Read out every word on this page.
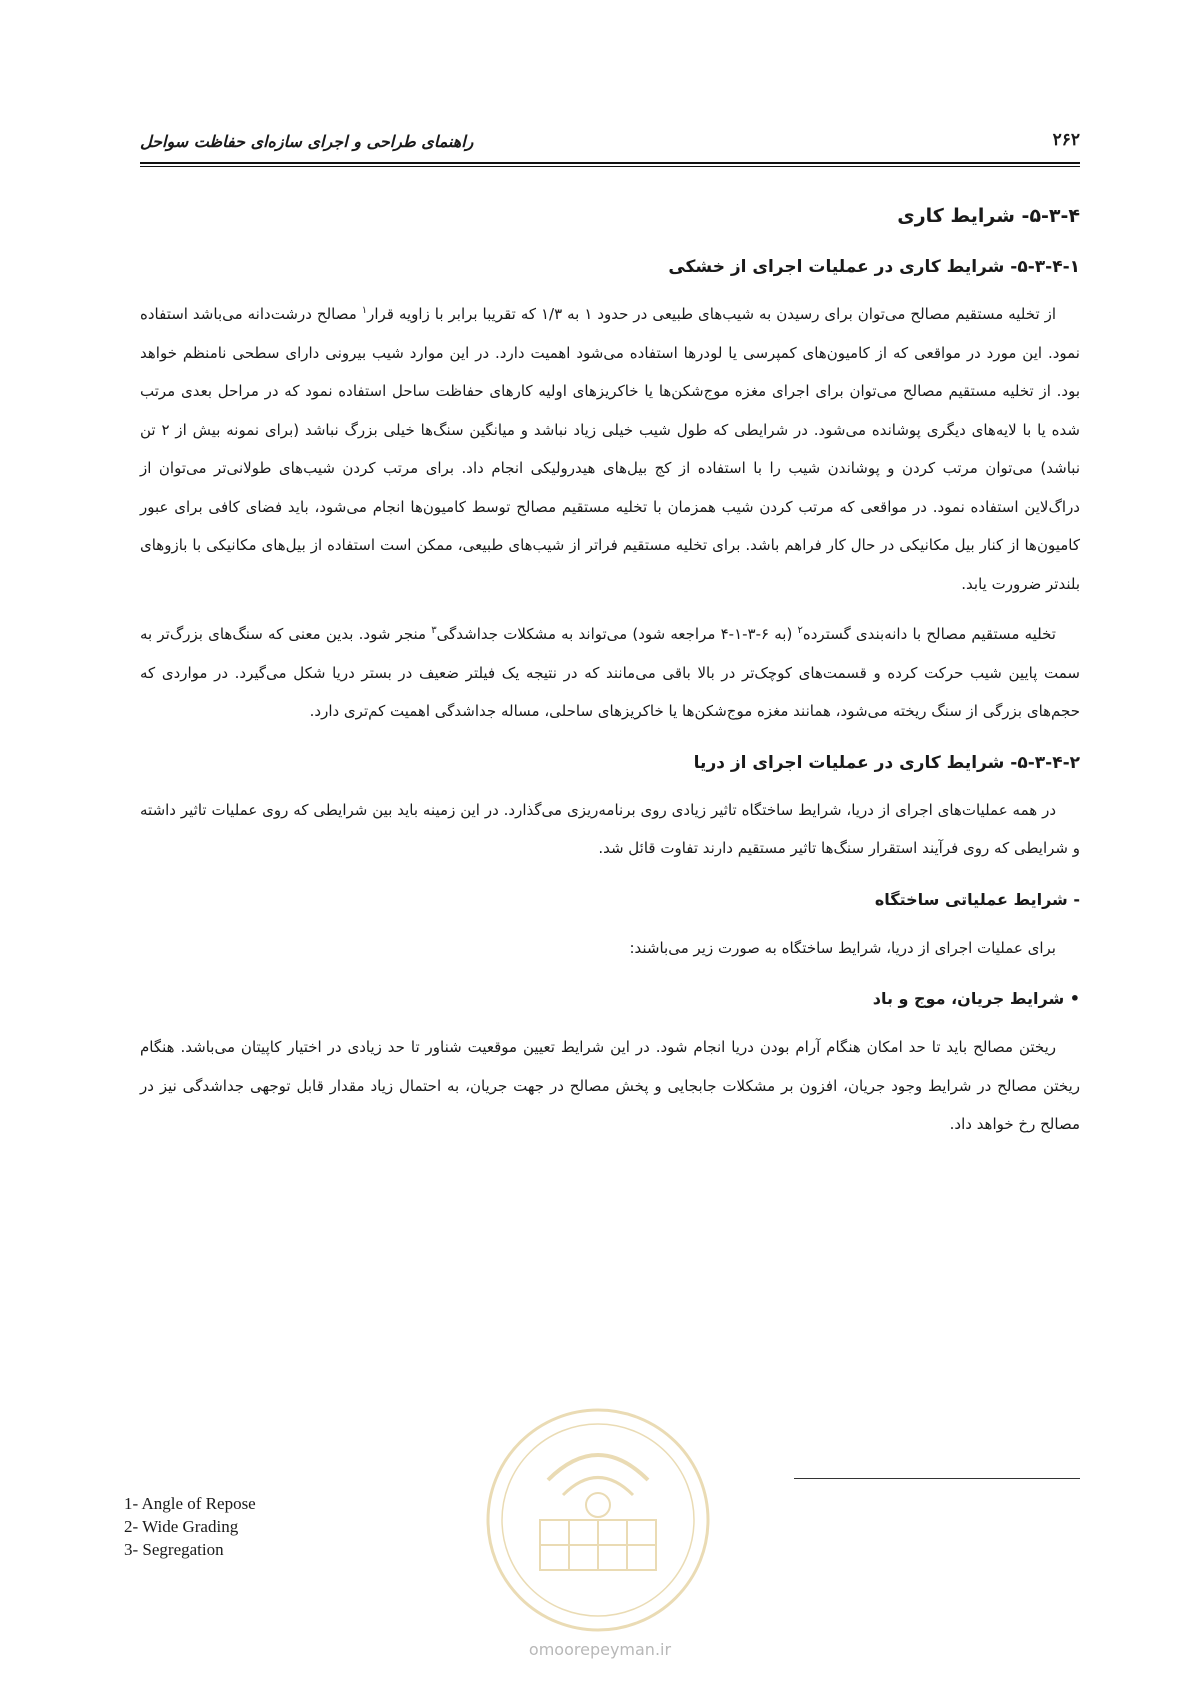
راهنمای طراحی و اجرای سازه‌ای حفاظت سواحل	۲۶۲
۵-۳-۴- شرایط کاری
۵-۳-۴-۱- شرایط کاری در عملیات اجرای از خشکی

از تخلیه مستقیم مصالح می‌توان برای رسیدن به شیب‌های طبیعی در حدود ۱ به ۱/۳ که تقریبا برابر با زاویه قرار$^۱$ مصالح درشت‌دانه می‌باشد استفاده نمود. این مورد در مواقعی که از کامیون‌های کمپرسی یا لودرها استفاده می‌شود اهمیت دارد. در این موارد شیب بیرونی دارای سطحی نامنظم خواهد بود. از تخلیه مستقیم مصالح می‌توان برای اجرای مغزه موج‌شکن‌ها یا خاکریزهای اولیه کارهای حفاظت ساحل استفاده نمود که در مراحل بعدی مرتب شده یا با لایه‌های دیگری پوشانده می‌شود. در شرایطی که طول شیب خیلی زیاد نباشد و میانگین سنگ‌ها خیلی بزرگ نباشد (برای نمونه بیش از ۲ تن نباشد) می‌توان مرتب کردن و پوشاندن شیب را با استفاده از کج بیل‌های هیدرولیکی انجام داد. برای مرتب کردن شیب‌های طولانی‌تر می‌توان از دراگ‌لاین استفاده نمود. در مواقعی که مرتب کردن شیب همزمان با تخلیه مستقیم مصالح توسط کامیون‌ها انجام می‌شود، باید فضای کافی برای عبور کامیون‌ها از کنار بیل مکانیکی در حال کار فراهم باشد. برای تخلیه مستقیم فراتر از شیب‌های طبیعی، ممکن است استفاده از بیل‌های مکانیکی با بازوهای بلندتر ضرورت یابد.

تخلیه مستقیم مصالح با دانه‌بندی گسترده$^۲$ (به ۶-۳-۱-۴ مراجعه شود) می‌تواند به مشکلات جداشدگی$^۳$ منجر شود. بدین معنی که سنگ‌های بزرگ‌تر به سمت پایین شیب حرکت کرده و قسمت‌های کوچک‌تر در بالا باقی می‌مانند که در نتیجه یک فیلتر ضعیف در بستر دریا شکل می‌گیرد. در مواردی که حجم‌های بزرگی از سنگ ریخته می‌شود، همانند مغزه موج‌شکن‌ها یا خاکریزهای ساحلی، مساله جداشدگی اهمیت کم‌تری دارد.

۵-۳-۴-۲- شرایط کاری در عملیات اجرای از دریا

در همه عملیات‌های اجرای از دریا، شرایط ساختگاه تاثیر زیادی روی برنامه‌ریزی می‌گذارد. در این زمینه باید بین شرایطی که روی عملیات تاثیر داشته و شرایطی که روی فرآیند استقرار سنگ‌ها تاثیر مستقیم دارند تفاوت قائل شد.

- شرایط عملیاتی ساختگاه

برای عملیات اجرای از دریا، شرایط ساختگاه به صورت زیر می‌باشند:

• شرایط جریان، موج و باد

ریختن مصالح باید تا حد امکان هنگام آرام بودن دریا انجام شود. در این شرایط تعیین موقعیت شناور تا حد زیادی در اختیار کاپیتان می‌باشد. هنگام ریختن مصالح در شرایط وجود جریان، افزون بر مشکلات جابجایی و پخش مصالح در جهت جریان، به احتمال زیاد مقدار قابل توجهی جداشدگی نیز در مصالح رخ خواهد داد.

omoorepeyman.ir
1- Angle of Repose
2- Wide Grading
3- Segregation
